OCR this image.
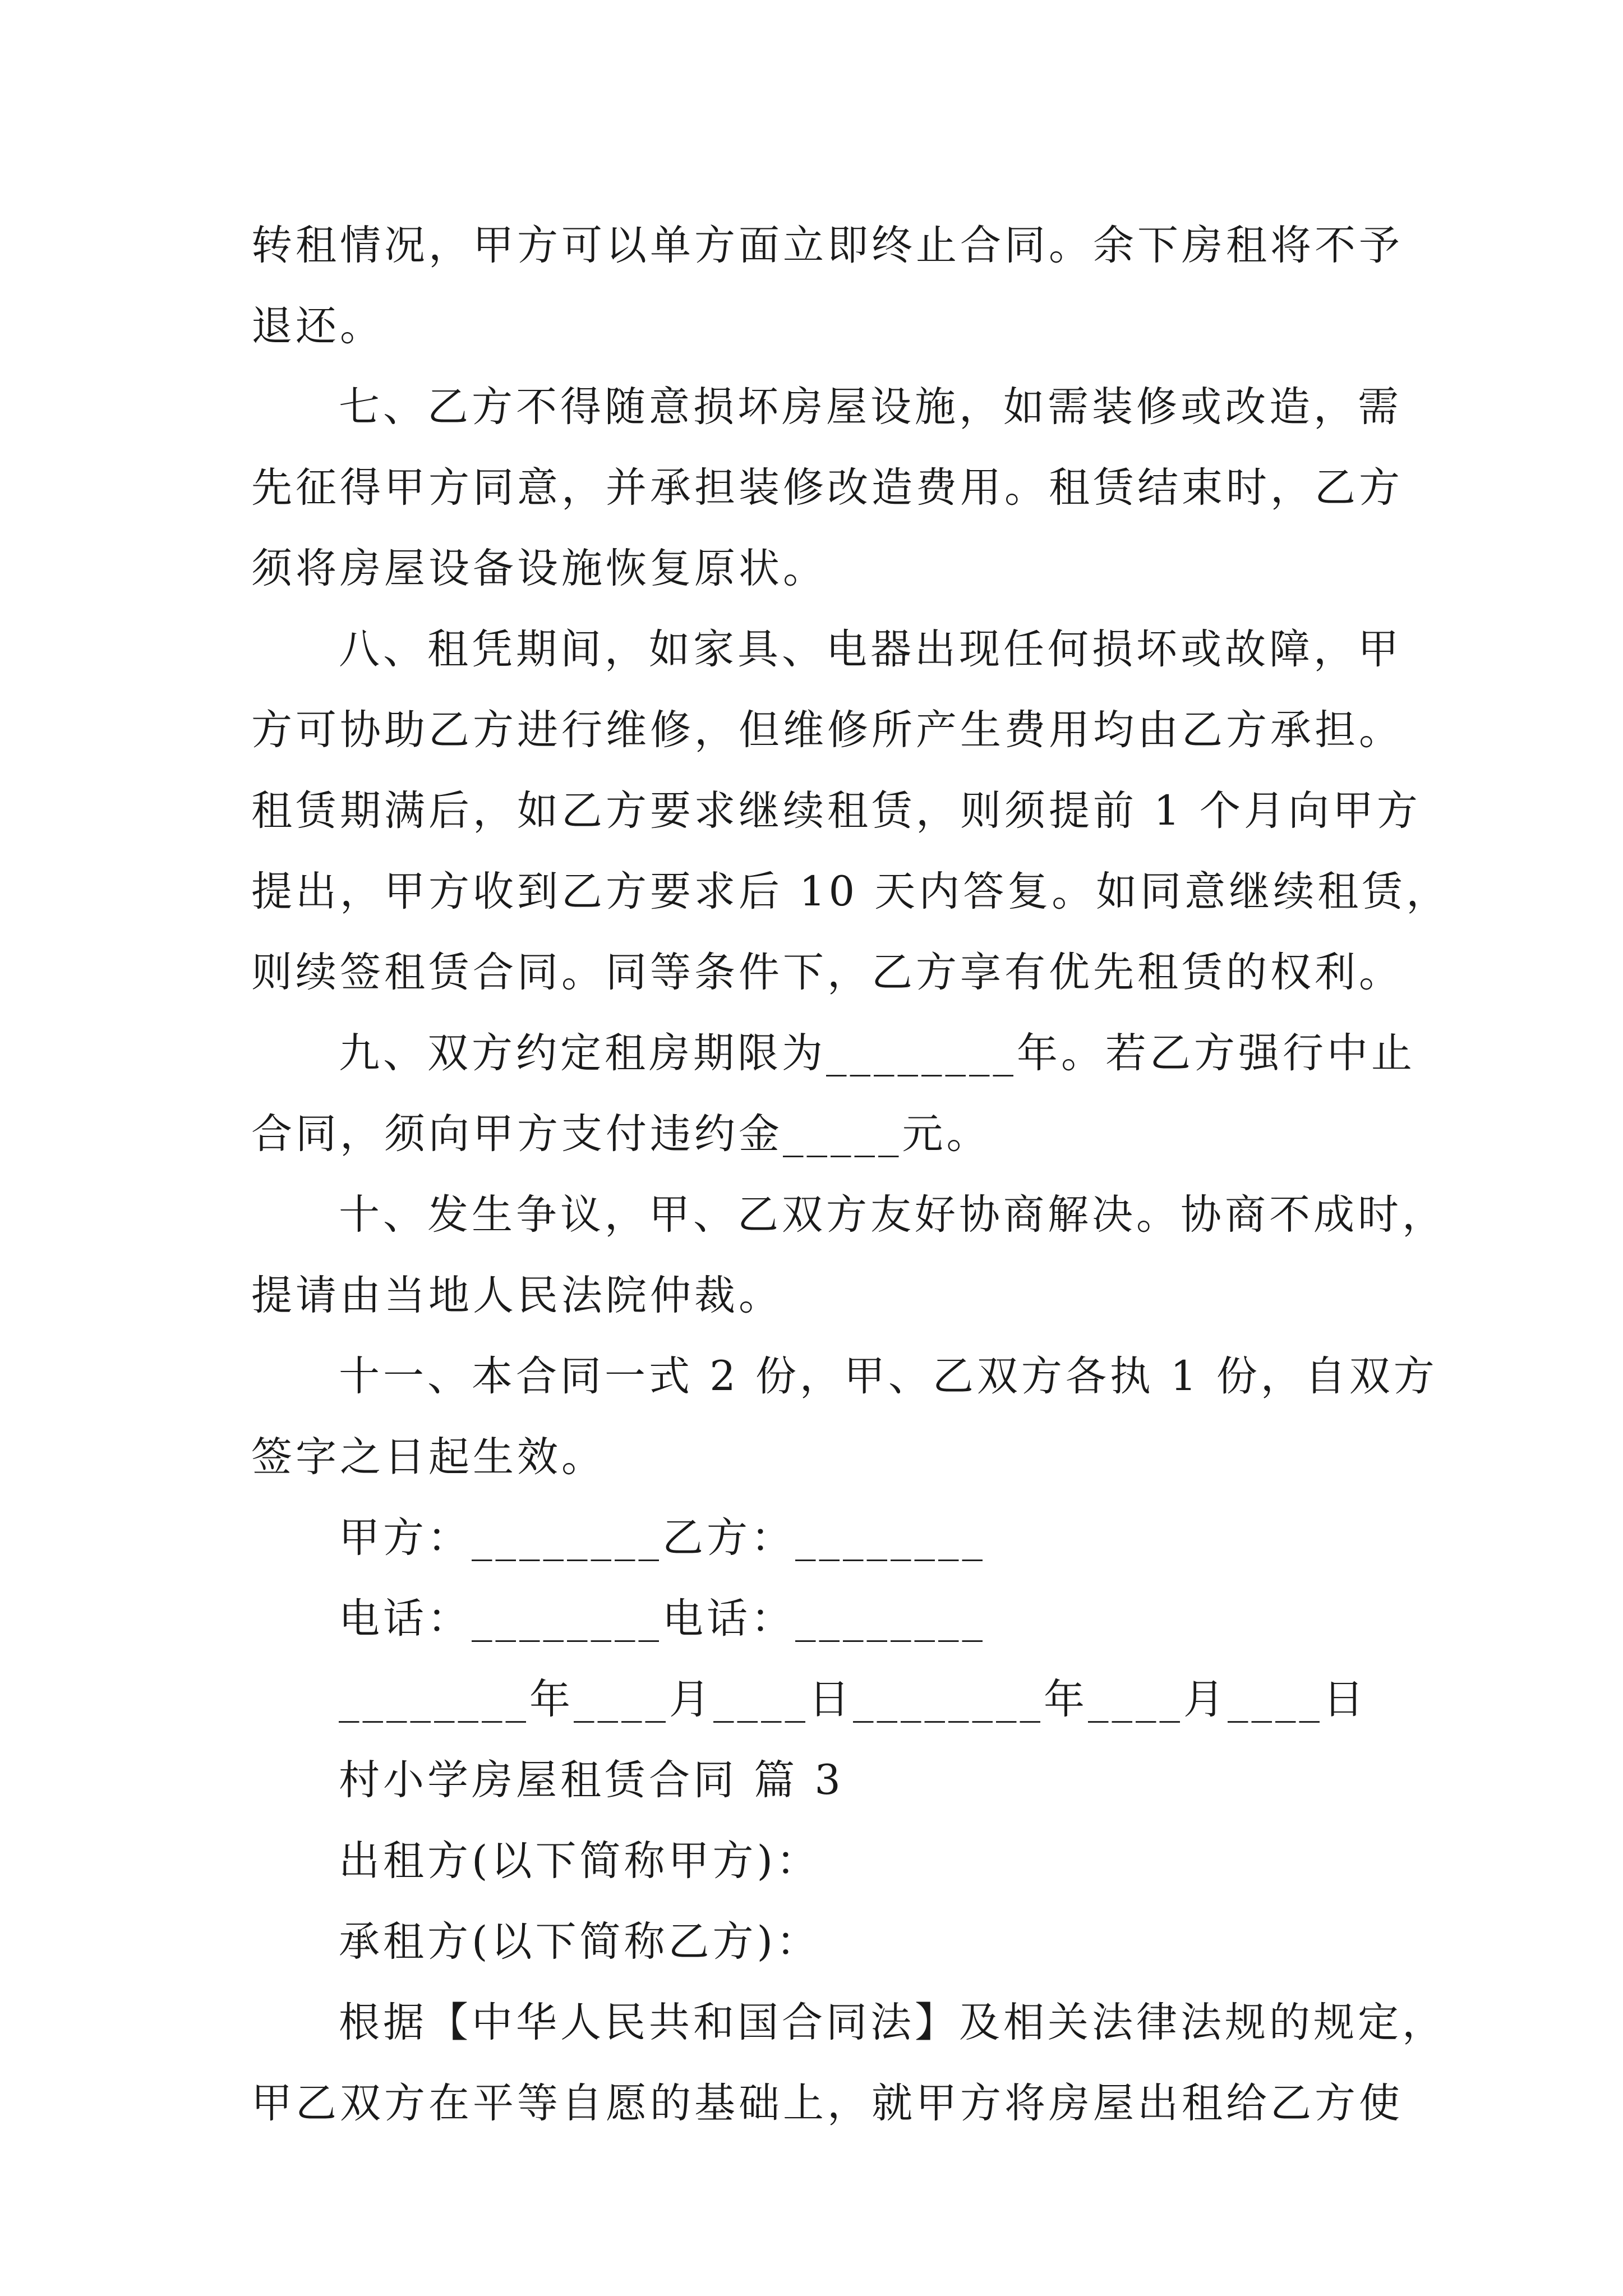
转租情况，甲方可以单方面立即终止合同。余下房租将不予
退还。
七、乙方不得随意损坏房屋设施，如需装修或改造，需
先征得甲方同意，并承担装修改造费用。租赁结束时，乙方
须将房屋设备设施恢复原状。
八、租凭期间，如家具、电器出现任何损坏或故障，甲
方可协助乙方进行维修，但维修所产生费用均由乙方承担。
租赁期满后，如乙方要求继续租赁，则须提前 1 个月向甲方
提出，甲方收到乙方要求后 10 天内答复。如同意继续租赁，
则续签租赁合同。同等条件下，乙方享有优先租赁的权利。
九、双方约定租房期限为________年。若乙方强行中止
合同，须向甲方支付违约金_____元。
十、发生争议，甲、乙双方友好协商解决。协商不成时，
提请由当地人民法院仲裁。
十一、本合同一式 2 份，甲、乙双方各执 1 份，自双方
签字之日起生效。
甲方：________乙方：________
电话：________电话：________
________年____月____日________年____月____日
村小学房屋租赁合同 篇 3
出租方(以下简称甲方)：
承租方(以下简称乙方)：
根据【中华人民共和国合同法】及相关法律法规的规定，
甲乙双方在平等自愿的基础上，就甲方将房屋出租给乙方使
